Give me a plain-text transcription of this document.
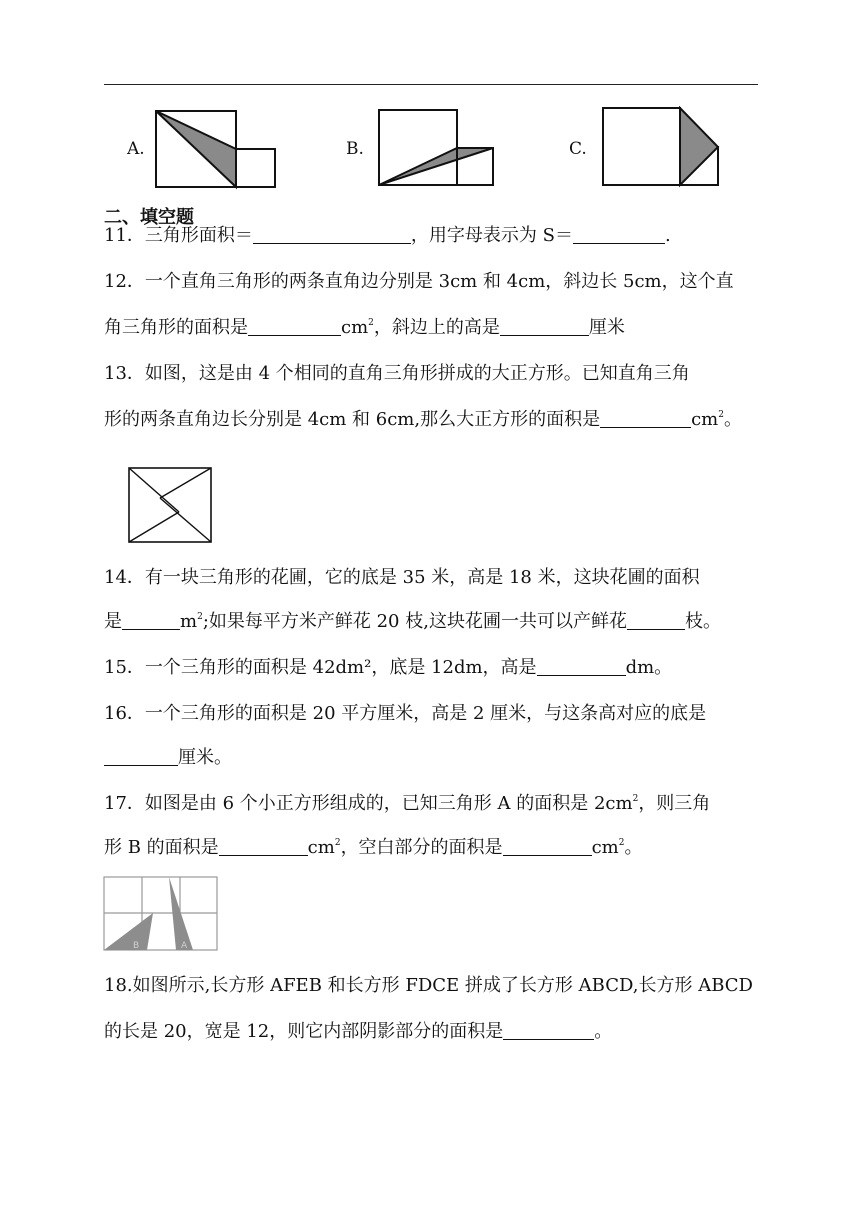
A.	B.	C.
二、填空题
11．三角形面积＝	，用字母表示为 S＝	.
12．一个直角三角形的两条直角边分别是 3cm 和 4cm，斜边长 5cm，这个直
角三角形的面积是	$cm^2$，斜边上的高是	厘米
13．如图，这是由 4 个相同的直角三角形拼成的大正方形。已知直角三角
形的两条直角边长分别是 4cm 和 6cm,那么大正方形的面积是	$cm^2$。
14．有一块三角形的花圃，它的底是 35 米，高是 18 米，这块花圃的面积
是	$m^2$;如果每平方米产鲜花 20 枝,这块花圃一共可以产鲜花	枝。
15．一个三角形的面积是 42dm²，底是 12dm，高是	dm。
16．一个三角形的面积是 20 平方厘米，高是 2 厘米，与这条高对应的底是
厘米。
17．如图是由 6 个小正方形组成的，已知三角形 A 的面积是 $2cm^2$，则三角
形 B 的面积是	$cm^2$，空白部分的面积是	$cm^2$。
B	A
18.如图所示,长方形 AFEB 和长方形 FDCE 拼成了长方形 ABCD,长方形 ABCD
的长是 20，宽是 12，则它内部阴影部分的面积是	。
